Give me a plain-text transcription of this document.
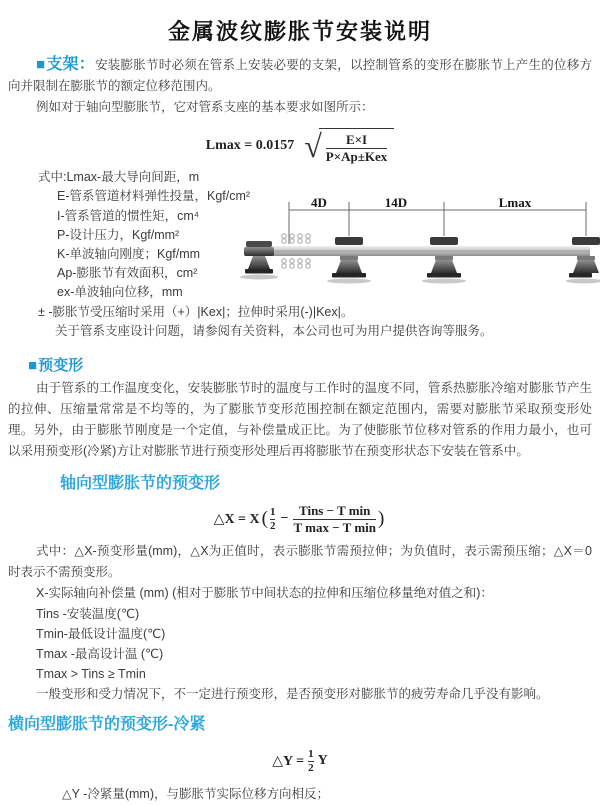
金属波纹膨胀节安装说明

■支架：安装膨胀节时必须在管系上安装必要的支架，以控制管系的变形在膨胀节上产生的位移方向并限制在膨胀节的额定位移范围内。

例如对于轴向型膨胀节，它对管系支座的基本要求如图所示：

Lmax = 0.0157 √ $\frac{E\times I}{\text{P×Ap±Kex}}$
式中:Lmax-最大导向间距，m
E-管系管道材料弹性投量，Kgf/cm²
I-管系管道的惯性矩，cm⁴
P-设计压力，Kgf/mm²
K-单波轴向刚度；Kgf/mm
Ap-膨胀节有效面积，cm²
ex-单波轴向位移，mm
± -膨胀节受压缩时采用（+）|Kex|；拉伸时采用(-)|Kex|。
关于管系支座设计问题，请参阅有关资料，本公司也可为用户提供咨询等服务。
4D	14D	Lmax
■预变形

由于管系的工作温度变化，安装膨胀节时的温度与工作时的温度不同，管系热膨胀冷缩对膨胀节产生的拉伸、压缩量常常是不均等的，为了膨胀节变形范围控制在额定范围内，需要对膨胀节采取预变形处理。另外，由于膨胀节刚度是一个定值，与补偿量成正比。为了使膨胀节位移对管系的作用力最小，也可以采用预变形(冷紧)方让对膨胀节进行预变形处理后再将膨胀节在预变形状态下安装在管系中。

轴向型膨胀节的预变形
△X = X ( $\frac{1}{2} - \frac{\text{Tins − T min}}{\text{T max − T min}}$ )

式中：△X-预变形量(mm)，△X为正值时，表示膨胀节需预拉伸；为负值时，表示需预压缩；△X＝0时表示不需预变形。

X-实际轴向补偿量 (mm) (相对于膨胀节中间状态的拉伸和压缩位移量绝对值之和)：

Tins -安装温度(℃)
Tmin-最低设计温度(℃)
Tmax -最高设计温 (℃)
Tmax > Tins ≥ Tmin

一般变形和受力情况下，不一定进行预变形，是否预变形对膨胀节的疲劳寿命几乎没有影响。

横向型膨胀节的预变形-冷紧
△Y = $\frac{1}{2}$ Y

△Y -冷紧量(mm)，与膨胀节实际位移方向相反；
